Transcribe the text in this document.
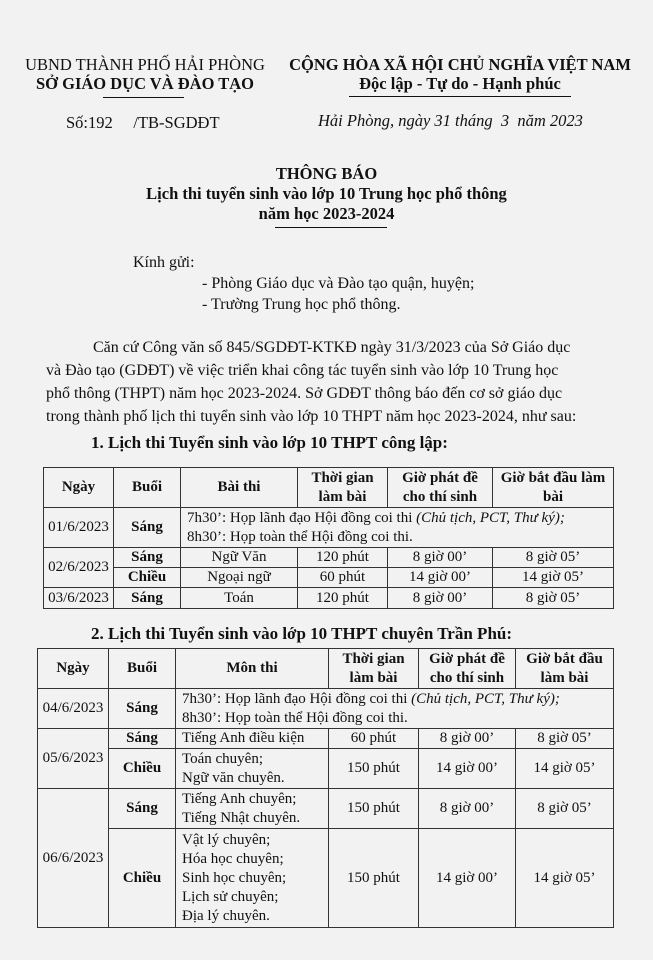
UBND THÀNH PHỐ HẢI PHÒNG
SỞ GIÁO DỤC VÀ ĐÀO TẠO
CỘNG HÒA XÃ HỘI CHỦ NGHĨA VIỆT NAM
Độc lập - Tự do - Hạnh phúc
Số:192     /TB-SGDĐT	Hải Phòng, ngày 31 tháng  3  năm 2023
THÔNG BÁO
Lịch thi tuyển sinh vào lớp 10 Trung học phổ thông
năm học 2023-2024
Kính gửi:
- Phòng Giáo dục và Đào tạo quận, huyện;
- Trường Trung học phổ thông.
Căn cứ Công văn số 845/SGDĐT-KTKĐ ngày 31/3/2023 của Sở Giáo dục
và Đào tạo (GDĐT) về việc triển khai công tác tuyển sinh vào lớp 10 Trung học
phổ thông (THPT) năm học 2023-2024. Sở GDĐT thông báo đến cơ sở giáo dục
trong thành phố lịch thi tuyển sinh vào lớp 10 THPT năm học 2023-2024, như sau:
1. Lịch thi Tuyển sinh vào lớp 10 THPT công lập:
Ngày	Buổi	Bài thi	Thời gian làm bài	Giờ phát đề cho thí sinh	Giờ bắt đầu làm bài
01/6/2023	Sáng	7h30’: Họp lãnh đạo Hội đồng coi thi (Chủ tịch, PCT, Thư ký);
8h30’: Họp toàn thể Hội đồng coi thi.			

02/6/2023	Sáng	Ngữ Văn	120 phút	8 giờ 00’	8 giờ 05’
	Chiều	Ngoại ngữ	60 phút	14 giờ 00’	14 giờ 05’
03/6/2023	Sáng	Toán	120 phút	8 giờ 00’	8 giờ 05’
2. Lịch thi Tuyển sinh vào lớp 10 THPT chuyên Trần Phú:
Ngày	Buổi	Môn thi	Thời gian làm bài	Giờ phát đề cho thí sinh	Giờ bắt đầu làm bài
04/6/2023	Sáng	7h30’: Họp lãnh đạo Hội đồng coi thi (Chủ tịch, PCT, Thư ký);
8h30’: Họp toàn thể Hội đồng coi thi.			

05/6/2023	Sáng	Tiếng Anh điều kiện	60 phút	8 giờ 00’	8 giờ 05’
	Chiều	Toán chuyên;
Ngữ văn chuyên.	150 phút	14 giờ 00’	14 giờ 05’
06/6/2023	Sáng	Tiếng Anh chuyên;
Tiếng Nhật chuyên.	150 phút	8 giờ 00’	8 giờ 05’
	Chiều	Vật lý chuyên;
Hóa học chuyên;
Sinh học chuyên;
Lịch sử chuyên;
Địa lý chuyên.	150 phút	14 giờ 00’	14 giờ 05’
